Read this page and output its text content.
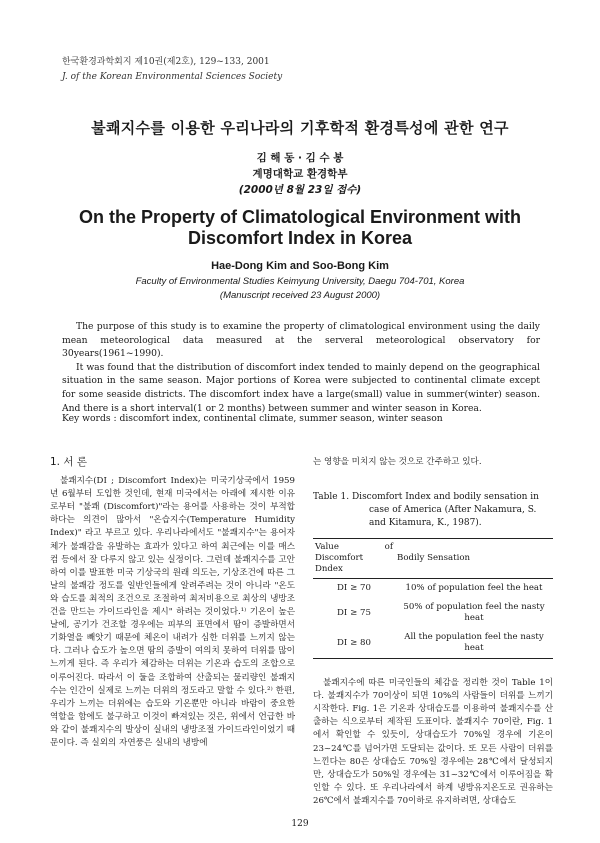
한국환경과학회지 제10권(제2호), 129~133, 2001
J. of the Korean Environmental Sciences Society
불쾌지수를 이용한 우리나라의 기후학적 환경특성에 관한 연구
김 해 동 · 김 수 봉
계명대학교 환경학부
(2000년 8월 23일 접수)
On the Property of Climatological Environment with Discomfort Index in Korea
Hae-Dong Kim and Soo-Bong Kim
Faculty of Environmental Studies Keimyung University, Daegu 704-701, Korea
(Manuscript received 23 August 2000)

The purpose of this study is to examine the property of climatological environment using the daily mean meteorological data measured at the serveral meteorological observatory for 30years(1961~1990).

It was found that the distribution of discomfort index tended to mainly depend on the geographical situation in the same season. Major portions of Korea were subjected to continental climate except for some seaside districts. The discomfort index have a large(small) value in summer(winter) season. And there is a short interval(1 or 2 months) between summer and winter season in Korea.

Key words : discomfort index, continental climate, summer season, winter season
1. 서 론

불쾌지수(DI ; Discomfort Index)는 미국기상국에서 1959년 6월부터 도입한 것인데, 현재 미국에서는 아래에 제시한 이유로부터 "불쾌 (Discomfort)"라는 용어를 사용하는 것이 부적합하다는 의견이 많아서 "온습지수(Temperature Humidity Index)" 라고 부르고 있다. 우리나라에서도 "불쾌지수"는 용어자체가 불쾌감을 유발하는 효과가 있다고 하여 최근에는 이를 매스컴 등에서 잘 다루지 않고 있는 실정이다. 그런데 불쾌지수를 고안하여 이를 발표한 미국 기상국의 원래 의도는, 기상조건에 따른 그날의 불쾌감 정도를 일반인들에게 알려주려는 것이 아니라 "온도와 습도를 최적의 조건으로 조절하여 최저비용으로 최상의 냉방조건을 만드는 가이드라인을 제시" 하려는 것이었다.¹⁾ 기온이 높은 날에, 공기가 건조할 경우에는 피부의 표면에서 땀이 증발하면서 기화열을 빼앗기 때문에 체온이 내려가 심한 더위를 느끼지 않는다. 그러나 습도가 높으면 땀의 증발이 여의치 못하여 더위를 많이 느끼게 된다. 즉 우리가 체감하는 더위는 기온과 습도의 조합으로 이루어진다. 따라서 이 둘을 조합하여 산출되는 물리량인 불쾌지수는 인간이 실제로 느끼는 더위의 정도라고 말할 수 있다.²⁾ 한편, 우리가 느끼는 더위에는 습도와 기온뿐만 아니라 바람이 중요한 역할을 함에도 불구하고 이것이 빠져있는 것은, 위에서 언급한 바와 같이 불쾌지수의 발상이 실내의 냉방조절 가이드라인이었기 때문이다. 즉 실외의 자연풍은 실내의 냉방에

는 영향을 미치지 않는 것으로 간주하고 있다.

Table 1. Discomfort Index and bodily sensation in case of America (After Nakamura, S. and Kitamura, K., 1987).
Value of Discomfort Dndex	Bodily Sensation
DI ≥ 70	10% of population feel the heat
DI ≥ 75	50% of population feel the nasty heat
DI ≥ 80	All the population feel the nasty heat

불쾌지수에 따른 미국인들의 체감을 정리한 것이 Table 1이다. 불쾌지수가 70이상이 되면 10%의 사람들이 더위를 느끼기 시작한다. Fig. 1은 기온과 상대습도를 이용하여 불쾌지수를 산출하는 식으로부터 제작된 도표이다. 불쾌지수 70이란, Fig. 1에서 확인할 수 있듯이, 상대습도가 70%일 경우에 기온이 23~24℃를 넘어가면 도달되는 값이다. 또 모든 사람이 더위를 느낀다는 80은 상대습도 70%일 경우에는 28℃에서 달성되지만, 상대습도가 50%일 경우에는 31~32℃에서 이루어짐을 확인할 수 있다. 또 우리나라에서 하계 냉방유지온도로 권유하는 26℃에서 불쾌지수를 70이하로 유지하려면, 상대습도

129
